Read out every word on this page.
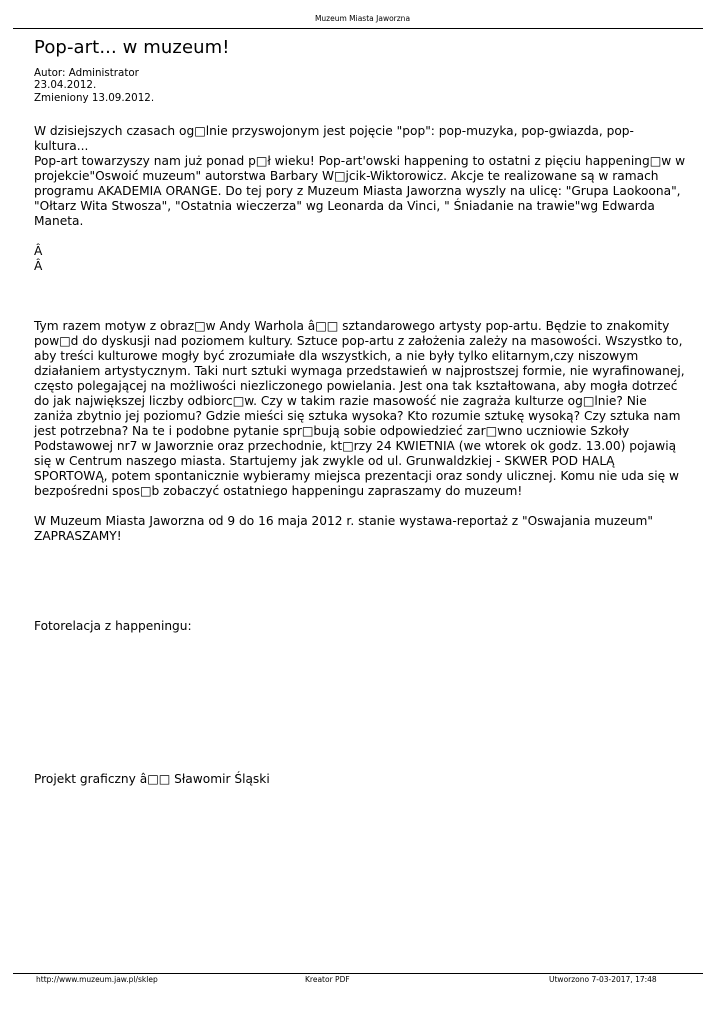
Muzeum Miasta Jaworzna
Pop-art... w muzeum!
Autor: Administrator
23.04.2012.
Zmieniony 13.09.2012.

W dzisiejszych czasach og□lnie przyswojonym jest pojęcie "pop": pop-muzyka, pop-gwiazda, pop-kultura...

Pop-art towarzyszy nam już ponad p□ł wieku! Pop-art'owski happening to ostatni z pięciu happening□w w projekcie"Oswoić muzeum" autorstwa Barbary W□jcik-Wiktorowicz. Akcje te realizowane są w ramach programu AKADEMIA ORANGE. Do tej pory z Muzeum Miasta Jaworzna wyszly na ulicę: "Grupa Laokoona", "Ołtarz Wita Stwosza", "Ostatnia wieczerza" wg Leonarda da Vinci, " Śniadanie na trawie"wg Edwarda Maneta.

Â

Â

Tym razem motyw z obraz□w Andy Warhola â□□ sztandarowego artysty pop-artu. Będzie to znakomity pow□d do dyskusji nad poziomem kultury. Sztuce pop-artu z założenia zależy na masowości. Wszystko to, aby treści kulturowe mogły być zrozumiałe dla wszystkich, a nie były tylko elitarnym,czy niszowym działaniem artystycznym. Taki nurt sztuki wymaga przedstawień w najprostszej formie, nie wyrafinowanej, często polegającej na możliwości niezliczonego powielania. Jest ona tak kształtowana, aby mogła dotrzeć do jak największej liczby odbiorc□w. Czy w takim razie masowość nie zagraża kulturze og□lnie? Nie zaniża zbytnio jej poziomu? Gdzie mieści się sztuka wysoka? Kto rozumie sztukę wysoką? Czy sztuka nam jest potrzebna? Na te i podobne pytanie spr□bują sobie odpowiedzieć zar□wno uczniowie Szkoły Podstawowej nr7 w Jaworznie oraz przechodnie, kt□rzy 24 KWIETNIA (we wtorek ok godz. 13.00) pojawią się w Centrum naszego miasta. Startujemy jak zwykle od ul. Grunwaldzkiej - SKWER POD HALĄ SPORTOWĄ, potem spontanicznie wybieramy miejsca prezentacji oraz sondy ulicznej. Komu nie uda się w bezpośredni spos□b zobaczyć ostatniego happeningu zapraszamy do muzeum!

W Muzeum Miasta Jaworzna od 9 do 16 maja 2012 r. stanie wystawa-reportaż z "Oswajania muzeum" ZAPRASZAMY!

Fotorelacja z happeningu:

Projekt graficzny â□□ Sławomir Śląski

http://www.muzeum.jaw.pl/sklep	Kreator PDF	Utworzono 7-03-2017, 17:48
